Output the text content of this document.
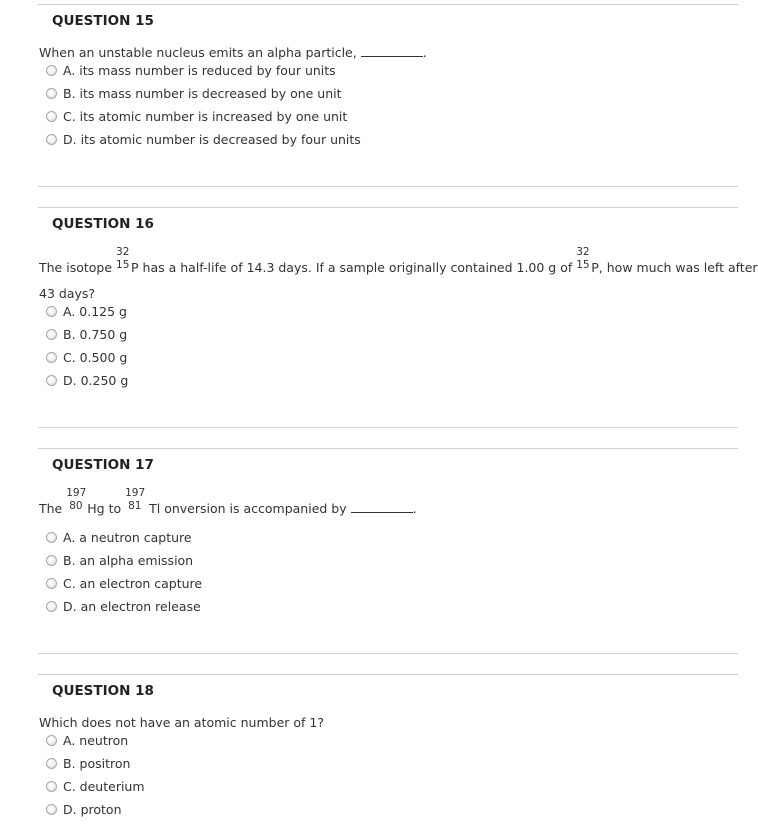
QUESTION 15
When an unstable nucleus emits an alpha particle,	.
A. its mass number is reduced by four units
B. its mass number is decreased by one unit
C. its atomic number is increased by one unit
D. its atomic number is decreased by four units
QUESTION 16
The isotope
32
15 P has a half-life of 14.3 days. If a sample originally contained 1.00 g of
32
15 P, how much was left after
43 days?
A. 0.125 g
B. 0.750 g
C. 0.500 g
D. 0.250 g
QUESTION 17
The
197
80 Hg to
197
81 Tl onversion is accompanied by	.
A. a neutron capture
B. an alpha emission
C. an electron capture
D. an electron release
QUESTION 18
Which does not have an atomic number of 1?
A. neutron
B. positron
C. deuterium
D. proton
